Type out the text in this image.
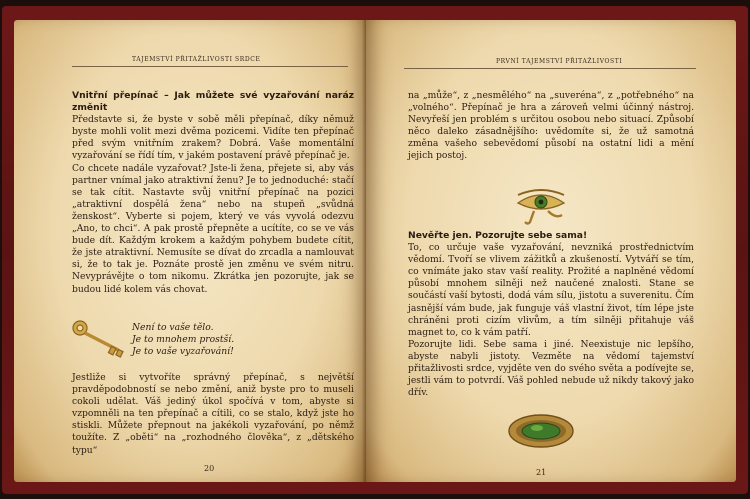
TAJEMSTVÍ PŘITAŽLIVOSTI SRDCE

Vnitřní přepínač – Jak můžete své vyzařování naráz změnit

Představte si, že byste v sobě měli přepínač, díky němuž byste mohli volit mezi dvěma pozicemi. Vidíte ten přepínač před svým vnitřním zrakem? Dobrá. Vaše momentální vyzařování se řídí tím, v jakém postavení právě přepínač je.

Co chcete nadále vyzařovat? Jste-li žena, přejete si, aby vás partner vnímal jako atraktivní ženu? Je to jednoduché: stačí se tak cítit. Nastavte svůj vnitřní přepínač na pozici „atraktivní dospělá žena“ nebo na stupeň „svůdná ženskost“. Vyberte si pojem, který ve vás vyvolá odezvu „Ano, to chci“. A pak prostě přepněte a ucítíte, co se ve vás bude dít. Každým krokem a každým pohybem budete cítit, že jste atraktivní. Nemusíte se dívat do zrcadla a namlouvat si, že to tak je. Poznáte prostě jen změnu ve svém nitru. Nevyprávějte o tom nikomu. Zkrátka jen pozorujte, jak se budou lidé kolem vás chovat.

Není to vaše tělo.
Je to mnohem prostší.
Je to vaše vyzařování!

Jestliže si vytvoříte správný přepínač, s největší pravděpodobností se nebo změní, aniž byste pro to museli cokoli udělat. Váš jediný úkol spočívá v tom, abyste si vzpomněli na ten přepínač a cítili, co se stalo, když jste ho stiskli. Můžete přepnout na jakékoli vyzařování, po němž toužíte. Z „oběti“ na „rozhodného člověka“, z „dětského typu“

20
PRVNÍ TAJEMSTVÍ PŘITAŽLIVOSTI

na „může“, z „nesmělého“ na „suveréna“, z „potřebného“ na „volného“. Přepínač je hra a zároveň velmi účinný nástroj. Nevyřeší jen problém s určitou osobou nebo situací. Způsobí něco daleko zásadnějšího: uvědomíte si, že už samotná změna vašeho sebevědomí působí na ostatní lidi a mění jejich postoj.

Nevěřte jen. Pozorujte sebe sama!

To, co určuje vaše vyzařování, nevzniká prostřednictvím vědomí. Tvoří se vlivem zážitků a zkušeností. Vytváří se tím, co vnímáte jako stav vaší reality. Prožité a naplněné vědomí působí mnohem silněji než naučené znalosti. Stane se součástí vaší bytosti, dodá vám sílu, jistotu a suverenitu. Čím jasnější vám bude, jak funguje váš vlastní život, tím lépe jste chráněni proti cizím vlivům, a tím silněji přitahuje váš magnet to, co k vám patří.

Pozorujte lidi. Sebe sama i jiné. Neexistuje nic lepšího, abyste nabyli jistoty. Vezměte na vědomí tajemství přitažlivosti srdce, vyjděte ven do svého světa a podívejte se, jestli vám to potvrdí. Váš pohled nebude už nikdy takový jako dřív.

21
